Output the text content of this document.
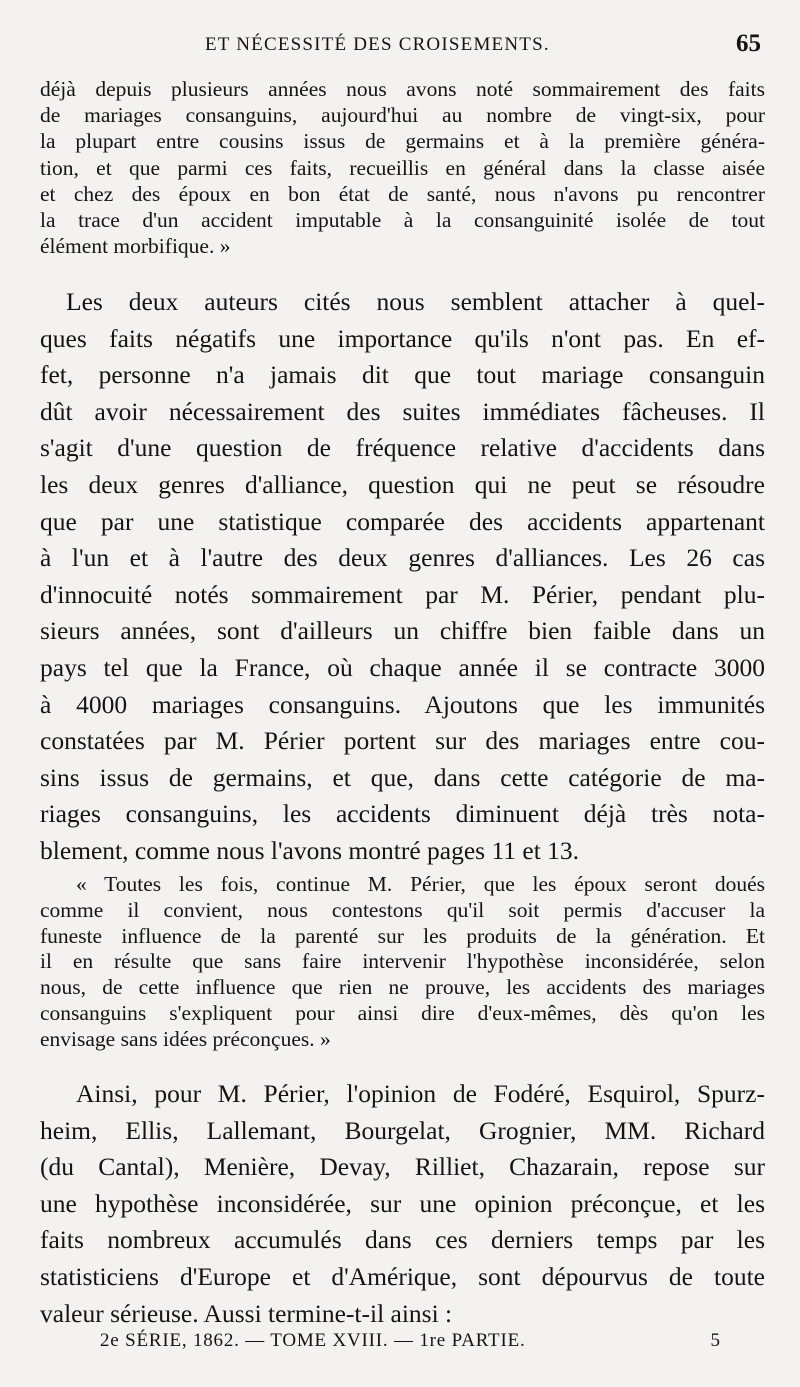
ET NÉCESSITÉ DES CROISEMENTS.	65
déjà depuis plusieurs années nous avons noté sommairement des faits
de mariages consanguins, aujourd'hui au nombre de vingt-six, pour
la plupart entre cousins issus de germains et à la première généra-
tion, et que parmi ces faits, recueillis en général dans la classe aisée
et chez des époux en bon état de santé, nous n'avons pu rencontrer
la trace d'un accident imputable à la consanguinité isolée de tout
élément morbifique. »
Les deux auteurs cités nous semblent attacher à quel-
ques faits négatifs une importance qu'ils n'ont pas. En ef-
fet, personne n'a jamais dit que tout mariage consanguin
dût avoir nécessairement des suites immédiates fâcheuses. Il
s'agit d'une question de fréquence relative d'accidents dans
les deux genres d'alliance, question qui ne peut se résoudre
que par une statistique comparée des accidents appartenant
à l'un et à l'autre des deux genres d'alliances. Les 26 cas
d'innocuité notés sommairement par M. Périer, pendant plu-
sieurs années, sont d'ailleurs un chiffre bien faible dans un
pays tel que la France, où chaque année il se contracte 3000
à 4000 mariages consanguins. Ajoutons que les immunités
constatées par M. Périer portent sur des mariages entre cou-
sins issus de germains, et que, dans cette catégorie de ma-
riages consanguins, les accidents diminuent déjà très nota-
blement, comme nous l'avons montré pages 11 et 13.
« Toutes les fois, continue M. Périer, que les époux seront doués
comme il convient, nous contestons qu'il soit permis d'accuser la
funeste influence de la parenté sur les produits de la génération. Et
il en résulte que sans faire intervenir l'hypothèse inconsidérée, selon
nous, de cette influence que rien ne prouve, les accidents des mariages
consanguins s'expliquent pour ainsi dire d'eux-mêmes, dès qu'on les
envisage sans idées préconçues. »
Ainsi, pour M. Périer, l'opinion de Fodéré, Esquirol, Spurz-
heim, Ellis, Lallemant, Bourgelat, Grognier, MM. Richard
(du Cantal), Menière, Devay, Rilliet, Chazarain, repose sur
une hypothèse inconsidérée, sur une opinion préconçue, et les
faits nombreux accumulés dans ces derniers temps par les
statisticiens d'Europe et d'Amérique, sont dépourvus de toute
valeur sérieuse. Aussi termine-t-il ainsi :
2e SÉRIE, 1862. — TOME XVIII. — 1re PARTIE.	5
